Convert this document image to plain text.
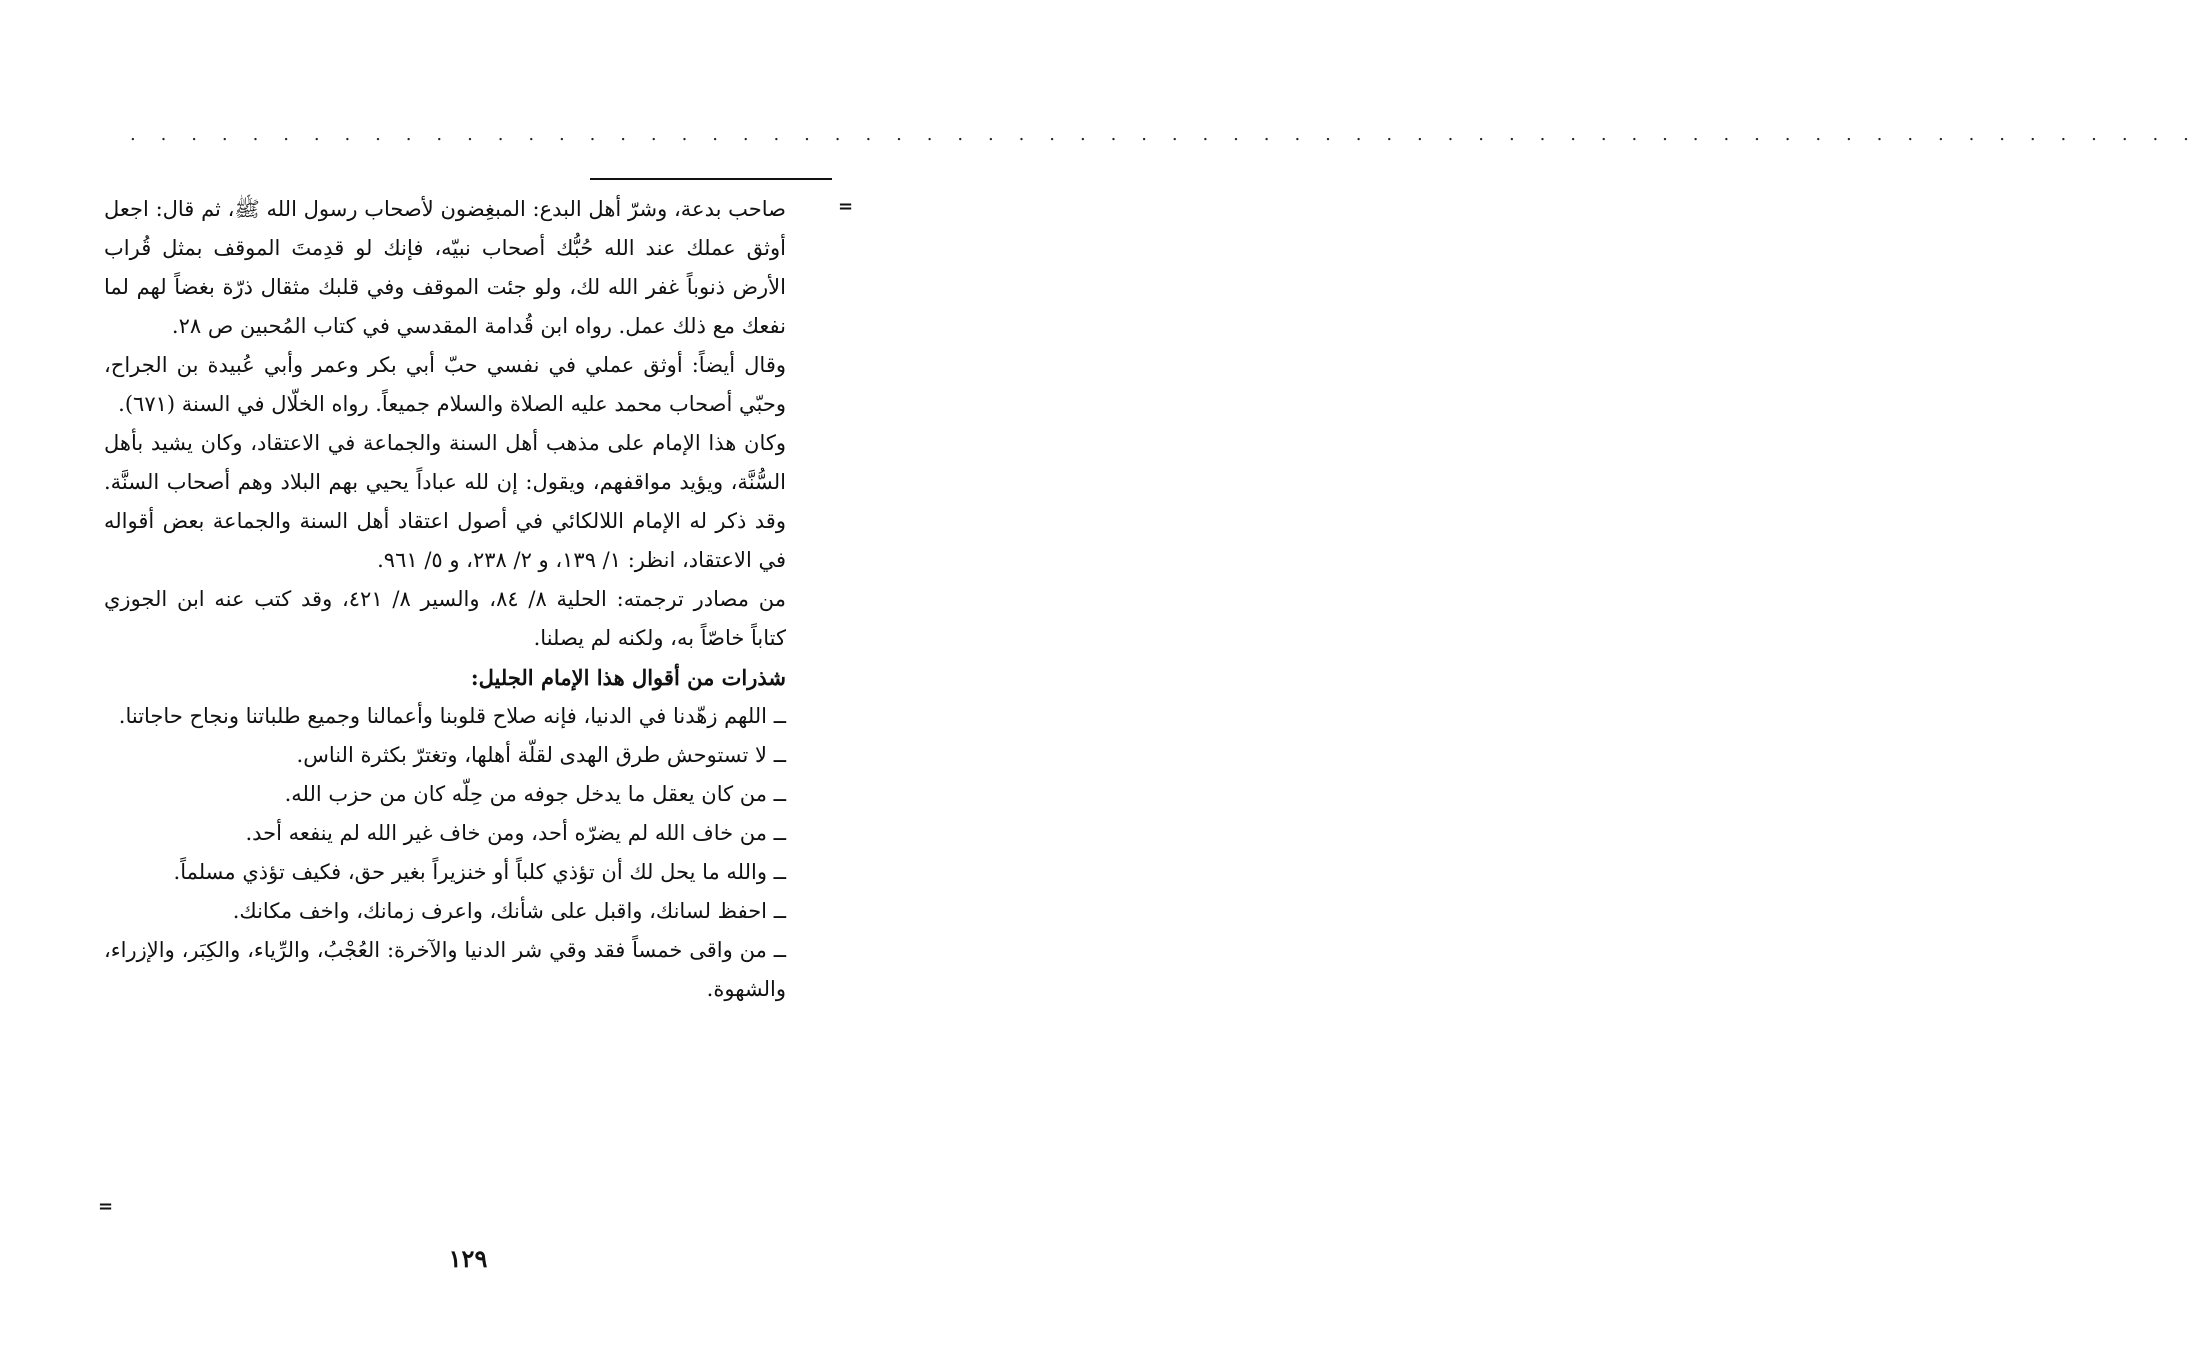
. . . . . . . . . . . . . . . . . . . . . . . . . . . . . . . . . . . . . . . . . . . . . . . . . . . . . . . . . . . . . . . . . . . .
=

صاحب بدعة، وشرّ أهل البدع: المبغِضون لأصحاب رسول الله ﷺ، ثم قال: اجعل أوثق عملك عند الله حُبُّك أصحاب نبيّه، فإنك لو قدِمتَ الموقف بمثل قُراب الأرض ذنوباً غفر الله لك، ولو جئت الموقف وفي قلبك مثقال ذرّة بغضاً لهم لما نفعك مع ذلك عمل. رواه ابن قُدامة المقدسي في كتاب المُحبين ص ٢٨.

وقال أيضاً: أوثق عملي في نفسي حبّ أبي بكر وعمر وأبي عُبيدة بن الجراح، وحبّي أصحاب محمد عليه الصلاة والسلام جميعاً. رواه الخلّال في السنة (٦٧١).

وكان هذا الإمام على مذهب أهل السنة والجماعة في الاعتقاد، وكان يشيد بأهل السُّنَّة، ويؤيد مواقفهم، ويقول: إن لله عباداً يحيي بهم البلاد وهم أصحاب السنَّة. وقد ذكر له الإمام اللالكائي في أصول اعتقاد أهل السنة والجماعة بعض أقواله في الاعتقاد، انظر: ١/ ١٣٩، و ٢/ ٢٣٨، و ٥/ ٩٦١.

من مصادر ترجمته: الحلية ٨/ ٨٤، والسير ٨/ ٤٢١، وقد كتب عنه ابن الجوزي كتاباً خاصّاً به، ولكنه لم يصلنا.

شذرات من أقوال هذا الإمام الجليل:

ــ اللهم زهّدنا في الدنيا، فإنه صلاح قلوبنا وأعمالنا وجميع طلباتنا ونجاح حاجاتنا.

ــ لا تستوحش طرق الهدى لقلّة أهلها، وتغترّ بكثرة الناس.

ــ من كان يعقل ما يدخل جوفه من حِلّه كان من حزب الله.

ــ من خاف الله لم يضرّه أحد، ومن خاف غير الله لم ينفعه أحد.

ــ والله ما يحل لك أن تؤذي كلباً أو خنزيراً بغير حق، فكيف تؤذي مسلماً.

ــ احفظ لسانك، واقبل على شأنك، واعرف زمانك، واخف مكانك.

ــ من واقى خمساً فقد وقي شر الدنيا والآخرة: العُجْبُ، والرِّياء، والكِبَر، والإزراء، والشهوة.

=
١٢٩
